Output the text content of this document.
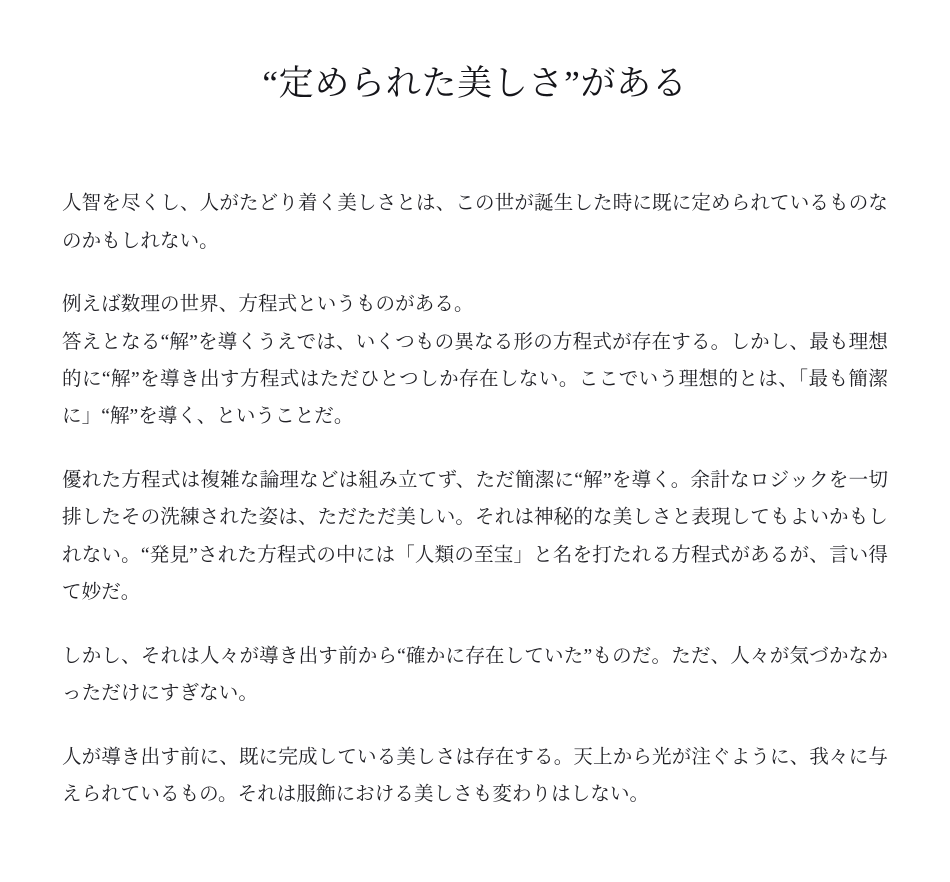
“定められた美しさ”がある

人智を尽くし、人がたどり着く美しさとは、この世が誕生した時に既に定められているものなのかもしれない。

例えば数理の世界、方程式というものがある。
答えとなる“解”を導くうえでは、いくつもの異なる形の方程式が存在する。しかし、最も理想的に“解”を導き出す方程式はただひとつしか存在しない。ここでいう理想的とは、「最も簡潔に」“解”を導く、ということだ。

優れた方程式は複雑な論理などは組み立てず、ただ簡潔に“解”を導く。余計なロジックを一切排したその洗練された姿は、ただただ美しい。それは神秘的な美しさと表現してもよいかもしれない。“発見”された方程式の中には「人類の至宝」と名を打たれる方程式があるが、言い得て妙だ。

しかし、それは人々が導き出す前から“確かに存在していた”ものだ。ただ、人々が気づかなかっただけにすぎない。

人が導き出す前に、既に完成している美しさは存在する。天上から光が注ぐように、我々に与えられているもの。それは服飾における美しさも変わりはしない。
